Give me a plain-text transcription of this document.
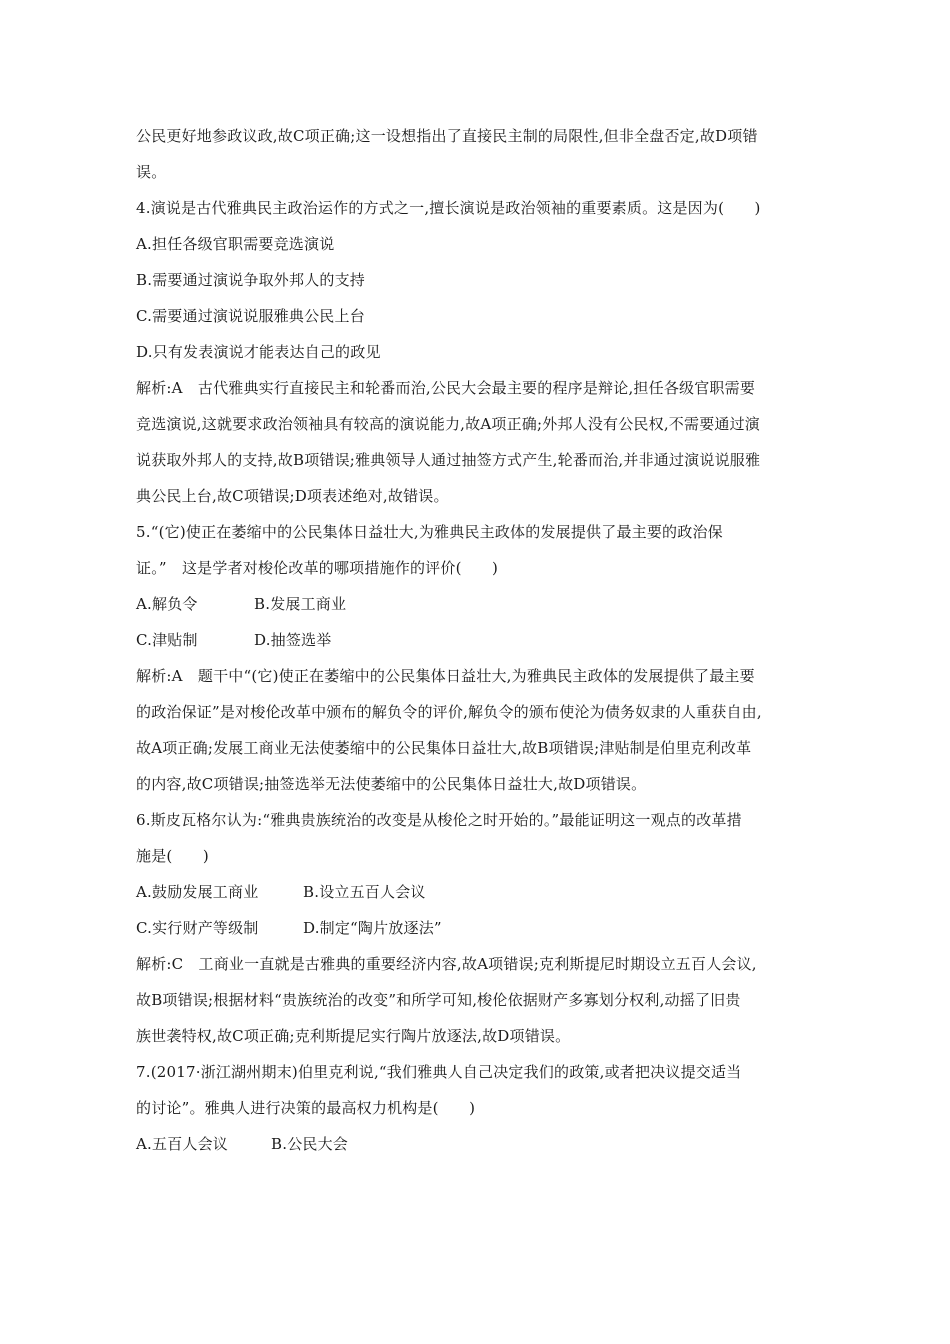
公民更好地参政议政,故C项正确;这一设想指出了直接民主制的局限性,但非全盘否定,故D项错
误。
4.演说是古代雅典民主政治运作的方式之一,擅长演说是政治领袖的重要素质。这是因为(　　)
A.担任各级官职需要竞选演说
B.需要通过演说争取外邦人的支持
C.需要通过演说说服雅典公民上台
D.只有发表演说才能表达自己的政见
解析:A　古代雅典实行直接民主和轮番而治,公民大会最主要的程序是辩论,担任各级官职需要
竞选演说,这就要求政治领袖具有较高的演说能力,故A项正确;外邦人没有公民权,不需要通过演
说获取外邦人的支持,故B项错误;雅典领导人通过抽签方式产生,轮番而治,并非通过演说说服雅
典公民上台,故C项错误;D项表述绝对,故错误。
5.“(它)使正在萎缩中的公民集体日益壮大,为雅典民主政体的发展提供了最主要的政治保
证。”　这是学者对梭伦改革的哪项措施作的评价(　　)
A.解负令	B.发展工商业
C.津贴制	D.抽签选举
解析:A　题干中“(它)使正在萎缩中的公民集体日益壮大,为雅典民主政体的发展提供了最主要
的政治保证”是对梭伦改革中颁布的解负令的评价,解负令的颁布使沦为债务奴隶的人重获自由,
故A项正确;发展工商业无法使萎缩中的公民集体日益壮大,故B项错误;津贴制是伯里克利改革
的内容,故C项错误;抽签选举无法使萎缩中的公民集体日益壮大,故D项错误。
6.斯皮瓦格尔认为:“雅典贵族统治的改变是从梭伦之时开始的。”最能证明这一观点的改革措
施是(　　)
A.鼓励发展工商业	B.设立五百人会议
C.实行财产等级制	D.制定“陶片放逐法”
解析:C　工商业一直就是古雅典的重要经济内容,故A项错误;克利斯提尼时期设立五百人会议,
故B项错误;根据材料“贵族统治的改变”和所学可知,梭伦依据财产多寡划分权利,动摇了旧贵
族世袭特权,故C项正确;克利斯提尼实行陶片放逐法,故D项错误。
7.(2017·浙江湖州期末)伯里克利说,“我们雅典人自己决定我们的政策,或者把决议提交适当
的讨论”。雅典人进行决策的最高权力机构是(　　)
A.五百人会议	B.公民大会
